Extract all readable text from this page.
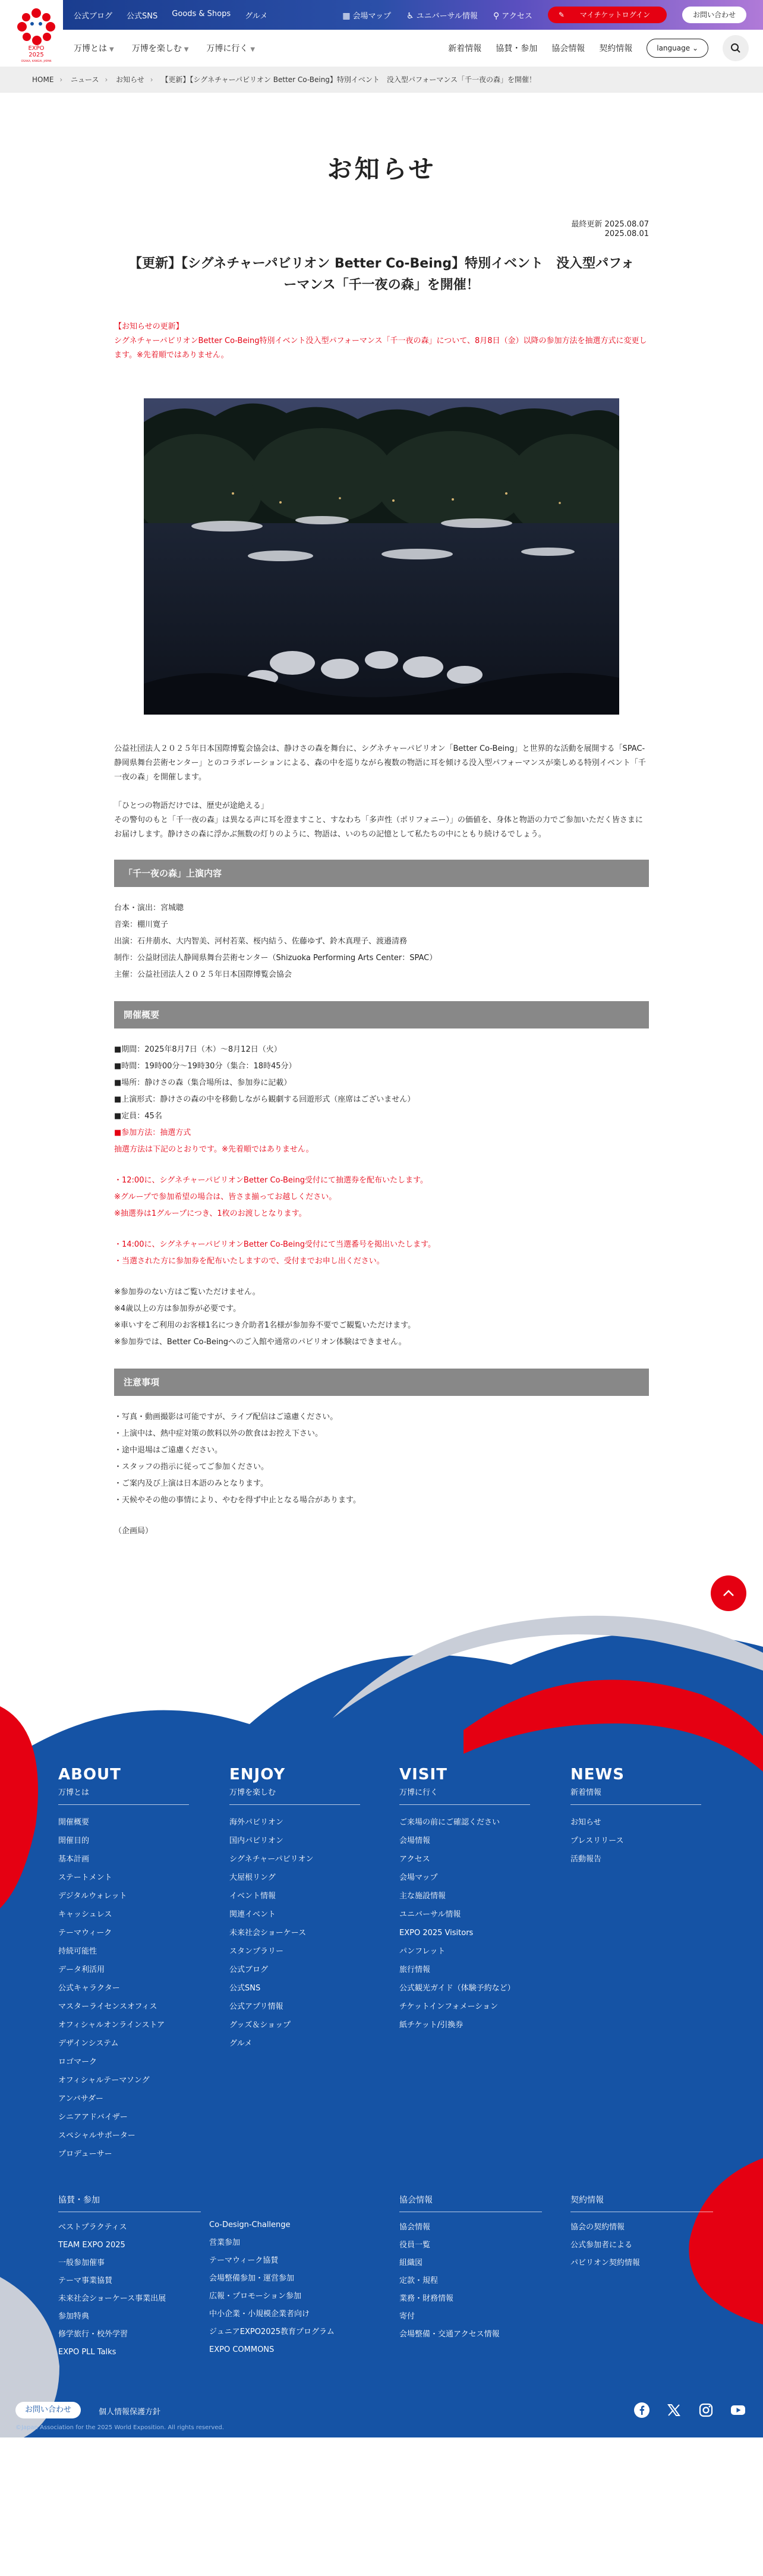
EXPO
2025
OSAKA, KANSAI, JAPAN
公式ブログ 公式SNS Goods & Shops グルメ	▦ 会場マップ ♿ ユニバーサル情報 ⚲ アクセス	✎ マイチケットログイン	お問い合わせ
万博とは ▼ 万博を楽しむ ▼ 万博に行く ▼	新着情報 協賛・参加 協会情報 契約情報	language ⌄
HOME › ニュース › お知らせ › 【更新】【シグネチャーパビリオン Better Co-Being】特別イベント　没入型パフォーマンス「千一夜の森」を開催！
お知らせ
最終更新 2025.08.07
2025.08.01
【更新】【シグネチャーパビリオン Better Co-Being】特別イベント　没入型パフォーマンス「千一夜の森」を開催！

【お知らせの更新】

シグネチャーパビリオンBetter Co-Being特別イベント没入型パフォーマンス「千一夜の森」について、8月8日（金）以降の参加方法を抽選方式に変更します。※先着順ではありません。

公益社団法人２０２５年日本国際博覧会協会は、静けさの森を舞台に、シグネチャーパビリオン「Better Co-Being」と世界的な活動を展開する「SPAC-静岡県舞台芸術センター」とのコラボレーションによる、森の中を巡りながら複数の物語に耳を傾ける没入型パフォーマンスが楽しめる特別イベント「千一夜の森」を開催します。

「ひとつの物語だけでは、歴史が途絶える」
その警句のもと「千一夜の森」は異なる声に耳を澄ますこと、すなわち「多声性（ポリフォニー）」の価値を、身体と物語の力でご参加いただく皆さまにお届けします。静けさの森に浮かぶ無数の灯りのように、物語は、いのちの記憶として私たちの中にともり続けるでしょう。

「千一夜の森」上演内容
台本・演出：宮城聰
音楽：棚川寛子
出演：石井萠水、大内智美、河村若菜、桜内結う、佐藤ゆず、鈴木真理子、渡邉清務
制作：公益財団法人静岡県舞台芸術センター（Shizuoka Performing Arts Center：SPAC）
主催：公益社団法人２０２５年日本国際博覧会協会
開催概要
■期間：2025年8月7日（木）〜8月12日（火）
■時間：19時00分〜19時30分（集合：18時45分）
■場所：静けさの森（集合場所は、参加券に記載）
■上演形式：静けさの森の中を移動しながら観劇する回遊形式（座席はございません）
■定員：45名
■参加方法：抽選方式
抽選方法は下記のとおりです。※先着順ではありません。
・12:00に、シグネチャーパビリオンBetter Co-Being受付にて抽選券を配布いたします。
※グループで参加希望の場合は、皆さま揃ってお越しください。
※抽選券は1グループにつき、1枚のお渡しとなります。
・14:00に、シグネチャーパビリオンBetter Co-Being受付にて当選番号を掲出いたします。
・当選された方に参加券を配布いたしますので、受付までお申し出ください。
※参加券のない方はご覧いただけません。
※4歳以上の方は参加券が必要です。
※車いすをご利用のお客様1名につき介助者1名様が参加券不要でご観覧いただけます。
※参加券では、Better Co-Beingへのご入館や通常のパビリオン体験はできません。
注意事項
・写真・動画撮影は可能ですが、ライブ配信はご遠慮ください。
・上演中は、熱中症対策の飲料以外の飲食はお控え下さい。
・途中退場はご遠慮ください。
・スタッフの指示に従ってご参加ください。
・ご案内及び上演は日本語のみとなります。
・天候やその他の事情により、やむを得ず中止となる場合があります。
（企画局）
ABOUT
万博とは
開催概要
開催目的
基本計画
ステートメント
デジタルウォレット
キャッシュレス
テーマウィーク
持続可能性
データ利活用
公式キャラクター
マスターライセンスオフィス
オフィシャルオンラインストア
デザインシステム
ロゴマーク
オフィシャルテーマソング
アンバサダー
シニアアドバイザー
スペシャルサポーター
プロデューサー
ENJOY
万博を楽しむ
海外パビリオン
国内パビリオン
シグネチャーパビリオン
大屋根リング
イベント情報
関連イベント
未来社会ショーケース
スタンプラリー
公式ブログ
公式SNS
公式アプリ情報
グッズ＆ショップ
グルメ
VISIT
万博に行く
ご来場の前にご確認ください
会場情報
アクセス
会場マップ
主な施設情報
ユニバーサル情報
EXPO 2025 Visitors
パンフレット
旅行情報
公式観光ガイド（体験予約など）
チケットインフォメーション
紙チケット/引換券
NEWS
新着情報
お知らせ
プレスリリース
活動報告
協賛・参加
ベストプラクティス
TEAM EXPO 2025
一般参加催事
テーマ事業協賛
未来社会ショーケース事業出展
参加特典
修学旅行・校外学習
EXPO PLL Talks

Co-Design-Challenge
営業参加
テーマウィーク協賛
会場整備参加・運営参加
広報・プロモーション参加
中小企業・小規模企業者向け
ジュニアEXPO2025教育プログラム
EXPO COMMONS
協会情報
協会情報
役員一覧
組織図
定款・規程
業務・財務情報
寄付
会場整備・交通アクセス情報
契約情報
協会の契約情報
公式参加者による
パビリオン契約情報
お問い合わせ	個人情報保護方針
©Japan Association for the 2025 World Exposition. All rights reserved.
